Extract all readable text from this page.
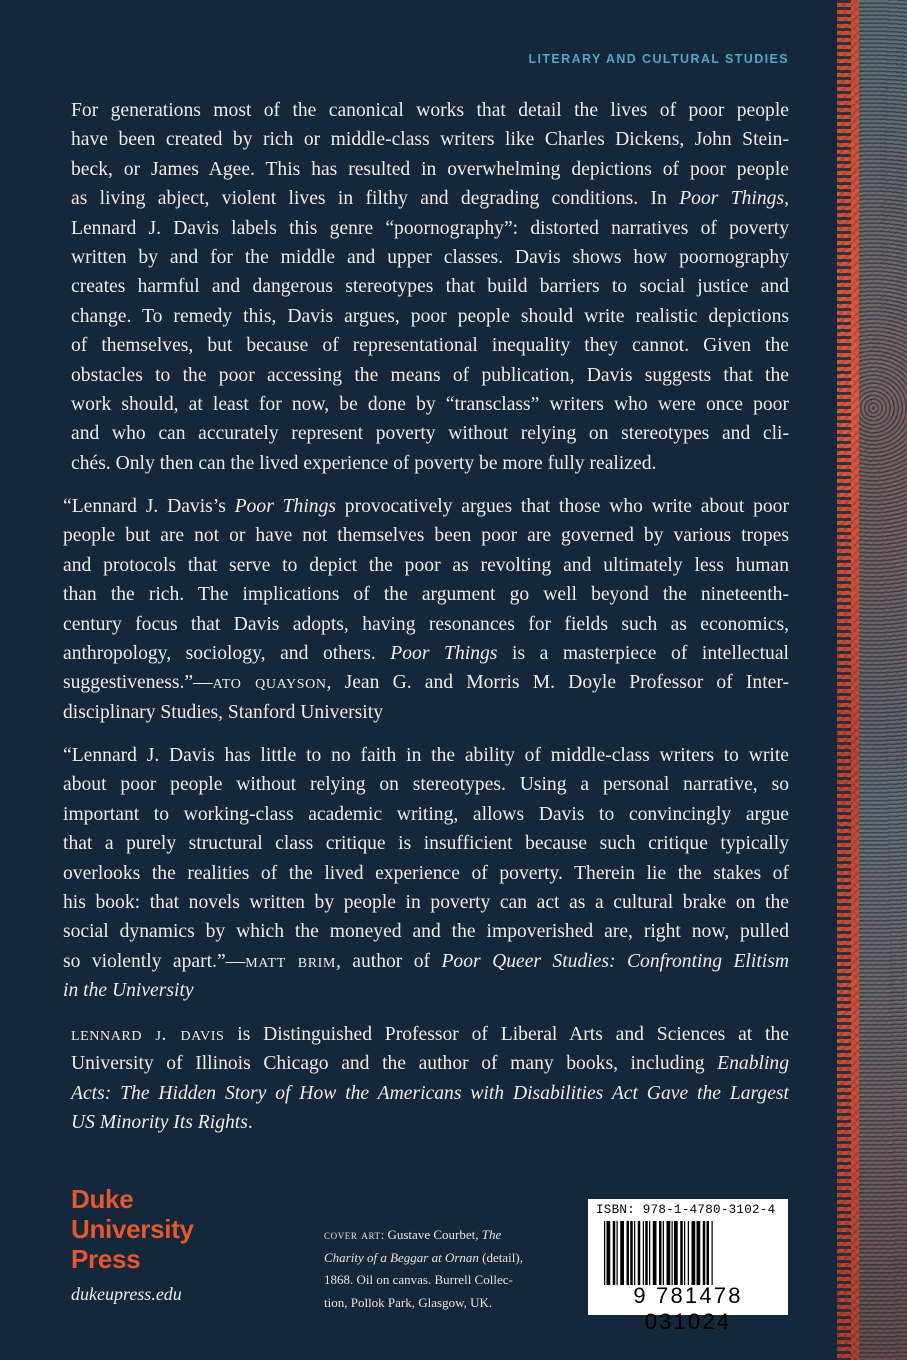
LITERARY AND CULTURAL STUDIES
For generations most of the canonical works that detail the lives of poor people
have been created by rich or middle-class writers like Charles Dickens, John Stein-
beck, or James Agee. This has resulted in overwhelming depictions of poor people
as living abject, violent lives in filthy and degrading conditions. In Poor Things,
Lennard J. Davis labels this genre “poornography”: distorted narratives of poverty
written by and for the middle and upper classes. Davis shows how poornography
creates harmful and dangerous stereotypes that build barriers to social justice and
change. To remedy this, Davis argues, poor people should write realistic depictions
of themselves, but because of representational inequality they cannot. Given the
obstacles to the poor accessing the means of publication, Davis suggests that the
work should, at least for now, be done by “transclass” writers who were once poor
and who can accurately represent poverty without relying on stereotypes and cli-
chés. Only then can the lived experience of poverty be more fully realized.
“Lennard J. Davis’s Poor Things provocatively argues that those who write about poor
people but are not or have not themselves been poor are governed by various tropes
and protocols that serve to depict the poor as revolting and ultimately less human
than the rich. The implications of the argument go well beyond the nineteenth-
century focus that Davis adopts, having resonances for fields such as economics,
anthropology, sociology, and others. Poor Things is a masterpiece of intellectual
suggestiveness.”—ato quayson, Jean G. and Morris M. Doyle Professor of Inter-
disciplinary Studies, Stanford University
“Lennard J. Davis has little to no faith in the ability of middle-class writers to write
about poor people without relying on stereotypes. Using a personal narrative, so
important to working-class academic writing, allows Davis to convincingly argue
that a purely structural class critique is insufficient because such critique typically
overlooks the realities of the lived experience of poverty. Therein lie the stakes of
his book: that novels written by people in poverty can act as a cultural brake on the
social dynamics by which the moneyed and the impoverished are, right now, pulled
so violently apart.”—matt brim, author of Poor Queer Studies: Confronting Elitism
in the University
lennard j. davis is Distinguished Professor of Liberal Arts and Sciences at the
University of Illinois Chicago and the author of many books, including Enabling
Acts: The Hidden Story of How the Americans with Disabilities Act Gave the Largest
US Minority Its Rights.
Duke
University
Press
dukeupress.edu
cover art: Gustave Courbet, The
Charity of a Beggar at Ornan (detail),
1868. Oil on canvas. Burrell Collec-
tion, Pollok Park, Glasgow, UK.
ISBN: 978-1-4780-3102-4
9 781478 031024
